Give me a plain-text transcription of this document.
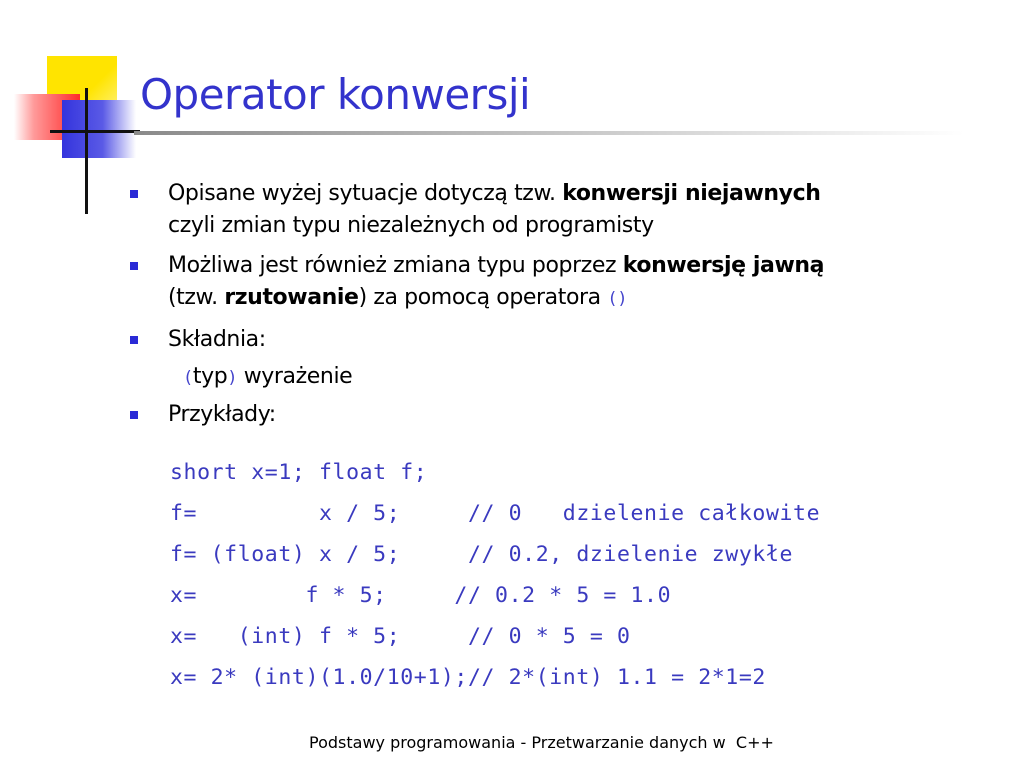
Operator konwersji
Opisane wyżej sytuacje dotyczą tzw. konwersji niejawnych
czyli zmian typu niezależnych od programisty
Możliwa jest również zmiana typu poprzez konwersję jawną
(tzw. rzutowanie) za pomocą operatora ()
Składnia:
(typ) wyrażenie
Przykłady:
short x=1; float f;
f=         x / 5;     // 0   dzielenie całkowite
f= (float) x / 5;     // 0.2, dzielenie zwykłe
x=        f * 5;     // 0.2 * 5 = 1.0
x=   (int) f * 5;     // 0 * 5 = 0
x= 2* (int)(1.0/10+1);// 2*(int) 1.1 = 2*1=2
Podstawy programowania - Przetwarzanie danych w  C++
